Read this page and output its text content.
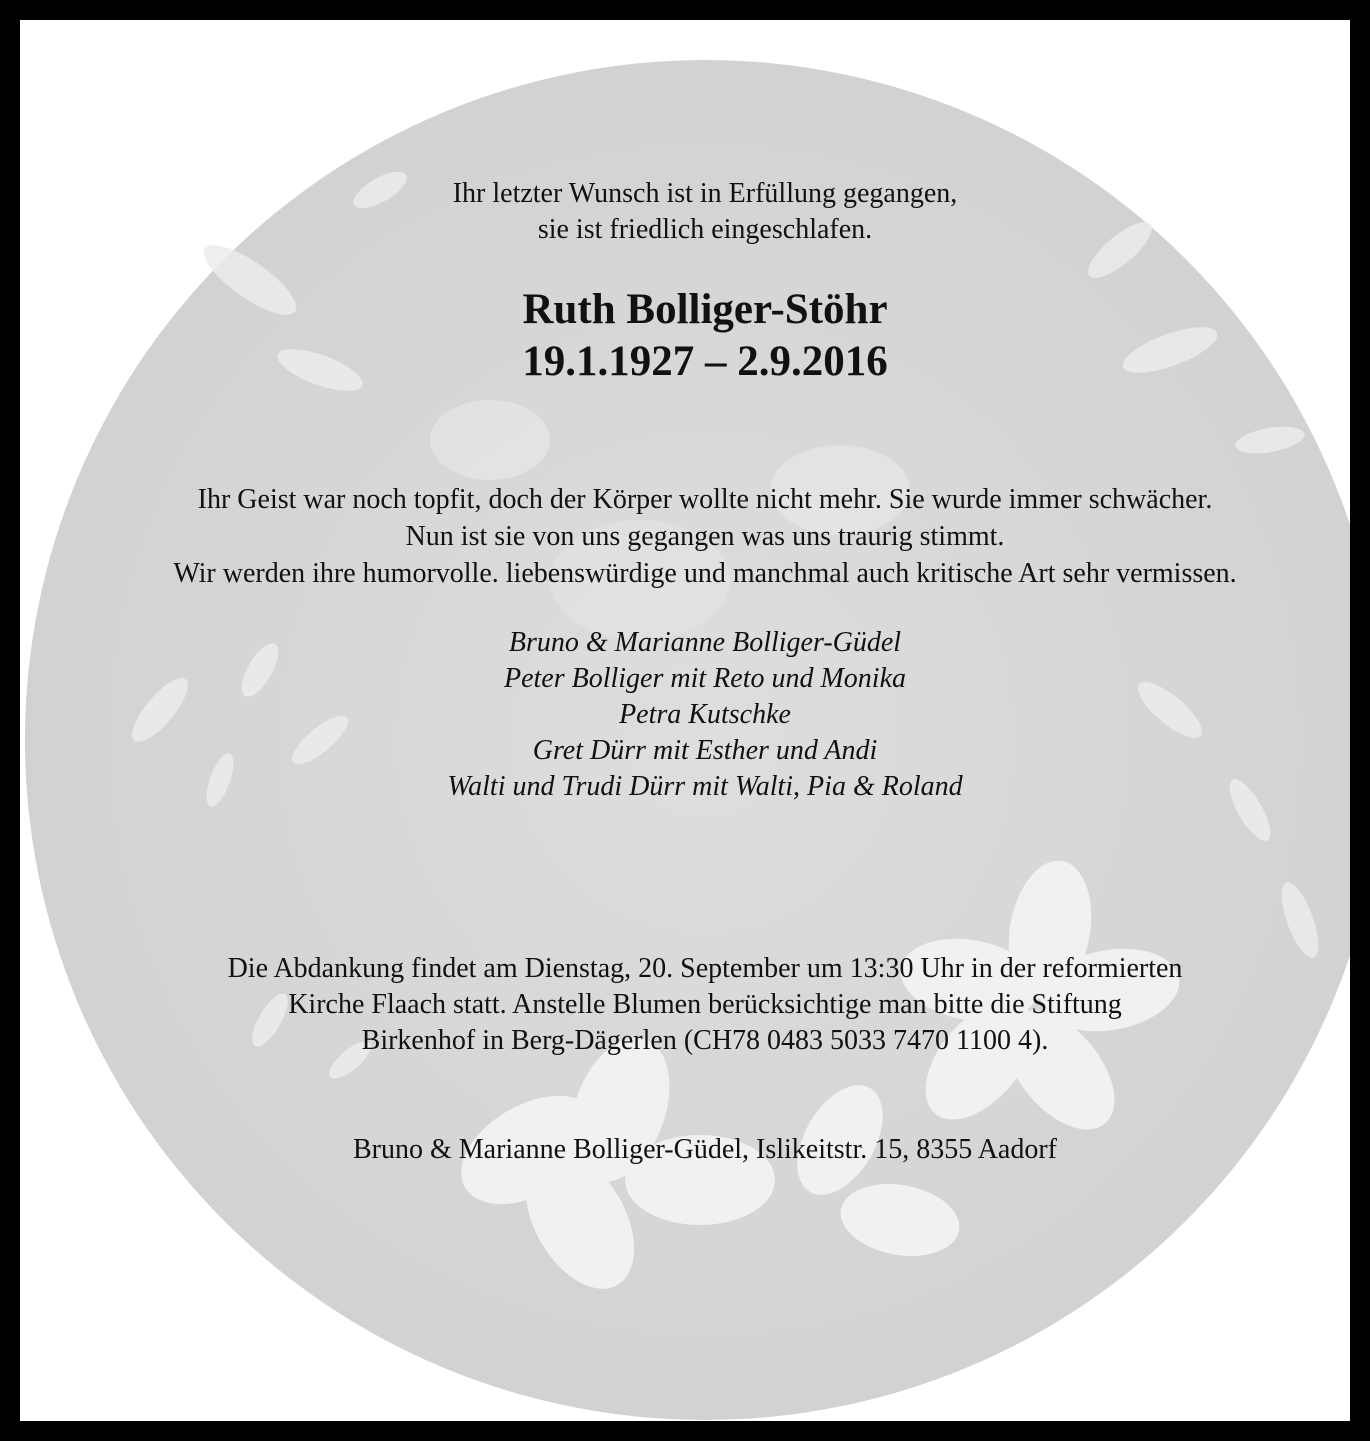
Ihr letzter Wunsch ist in Erfüllung gegangen,
sie ist friedlich eingeschlafen.
Ruth Bolliger-Stöhr
19.1.1927 – 2.9.2016
Ihr Geist war noch topfit, doch der Körper wollte nicht mehr. Sie wurde immer schwächer.
Nun ist sie von uns gegangen was uns traurig stimmt.
Wir werden ihre humorvolle. liebenswürdige und manchmal auch kritische Art sehr vermissen.
Bruno & Marianne Bolliger-Güdel
Peter Bolliger mit Reto und Monika
Petra Kutschke
Gret Dürr mit Esther und Andi
Walti und Trudi Dürr mit Walti, Pia & Roland
Die Abdankung findet am Dienstag, 20. September um 13:30 Uhr in der reformierten
Kirche Flaach statt. Anstelle Blumen berücksichtige man bitte die Stiftung
Birkenhof in Berg-Dägerlen (CH78 0483 5033 7470 1100 4).
Bruno & Marianne Bolliger-Güdel, Islikeitstr. 15, 8355 Aadorf
